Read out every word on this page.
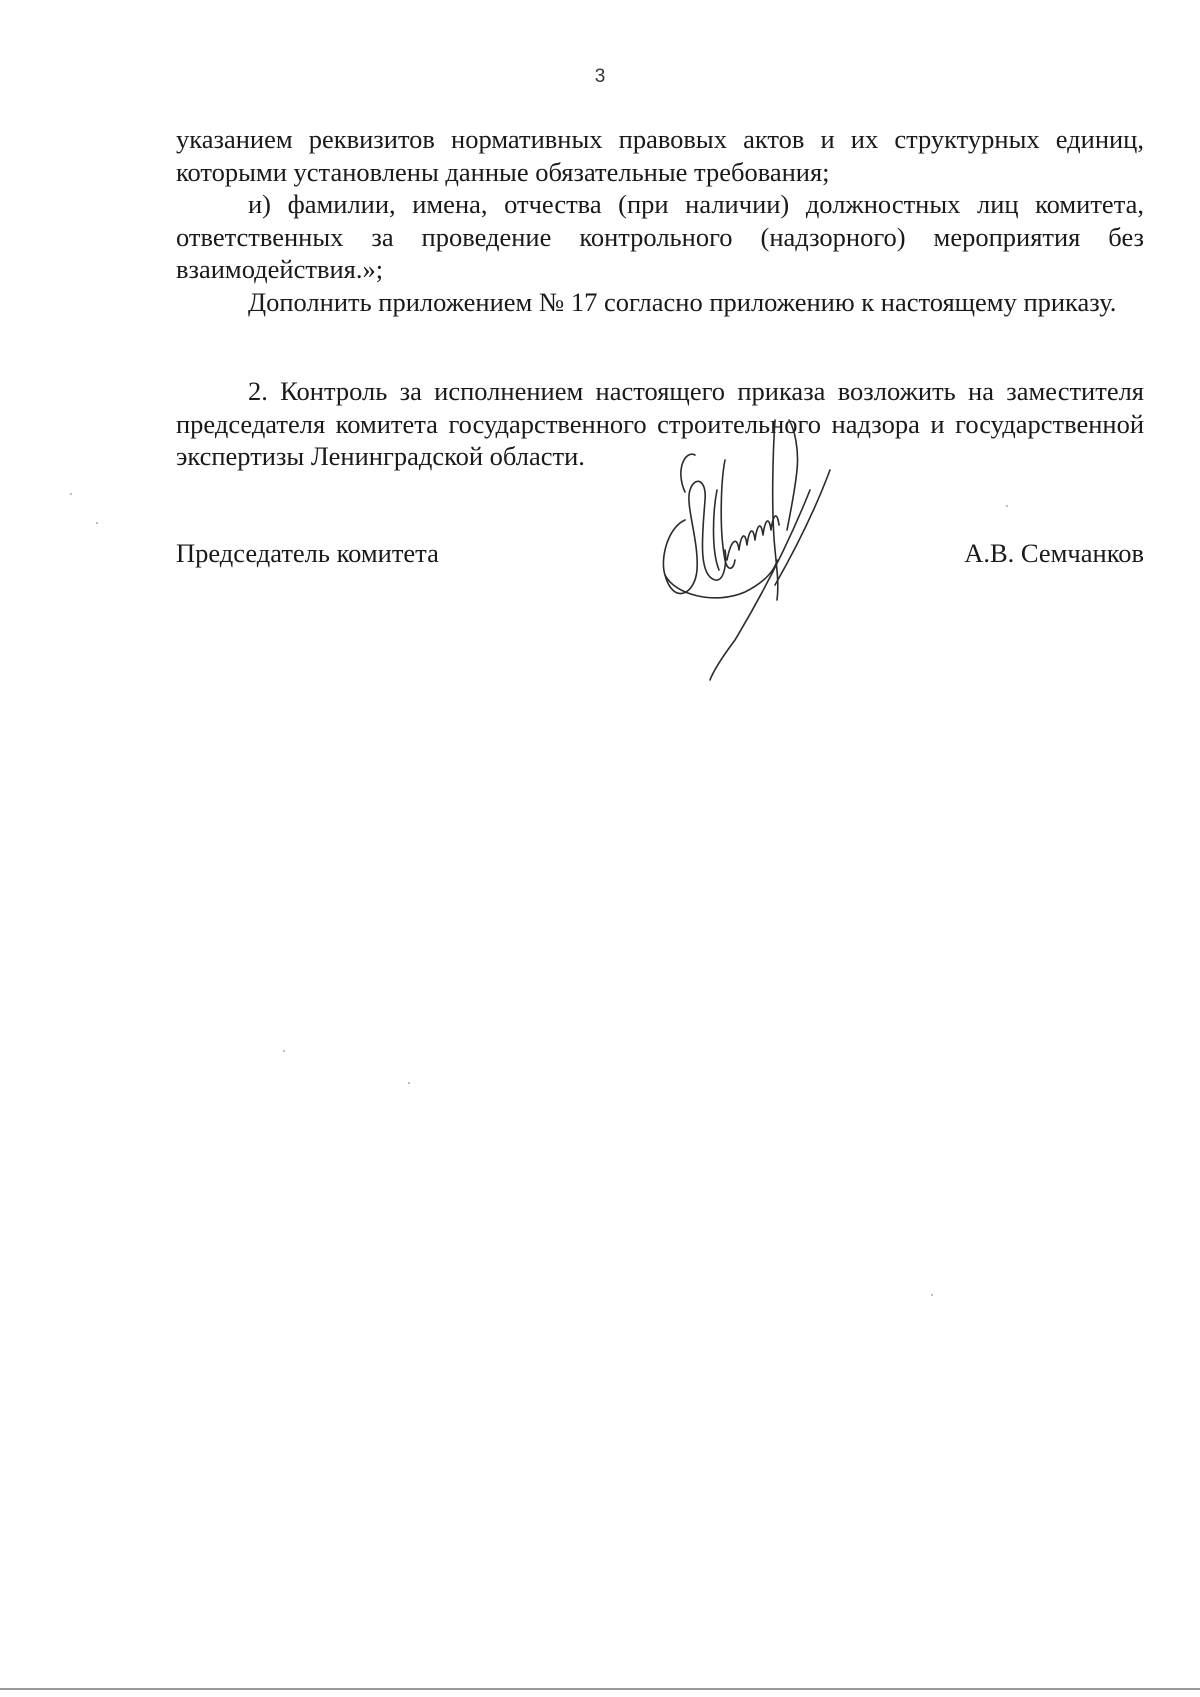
3

указанием реквизитов нормативных правовых актов и их структурных единиц, которыми установлены данные обязательные требования;

и) фамилии, имена, отчества (при наличии) должностных лиц комитета, ответственных за проведение контрольного (надзорного) мероприятия без взаимодействия.»;

Дополнить приложением № 17 согласно приложению к настоящему приказу.

2. Контроль за исполнением настоящего приказа возложить на заместителя председателя комитета государственного строительного надзора и государственной экспертизы Ленинградской области.

Председатель комитета	А.В. Семчанков
